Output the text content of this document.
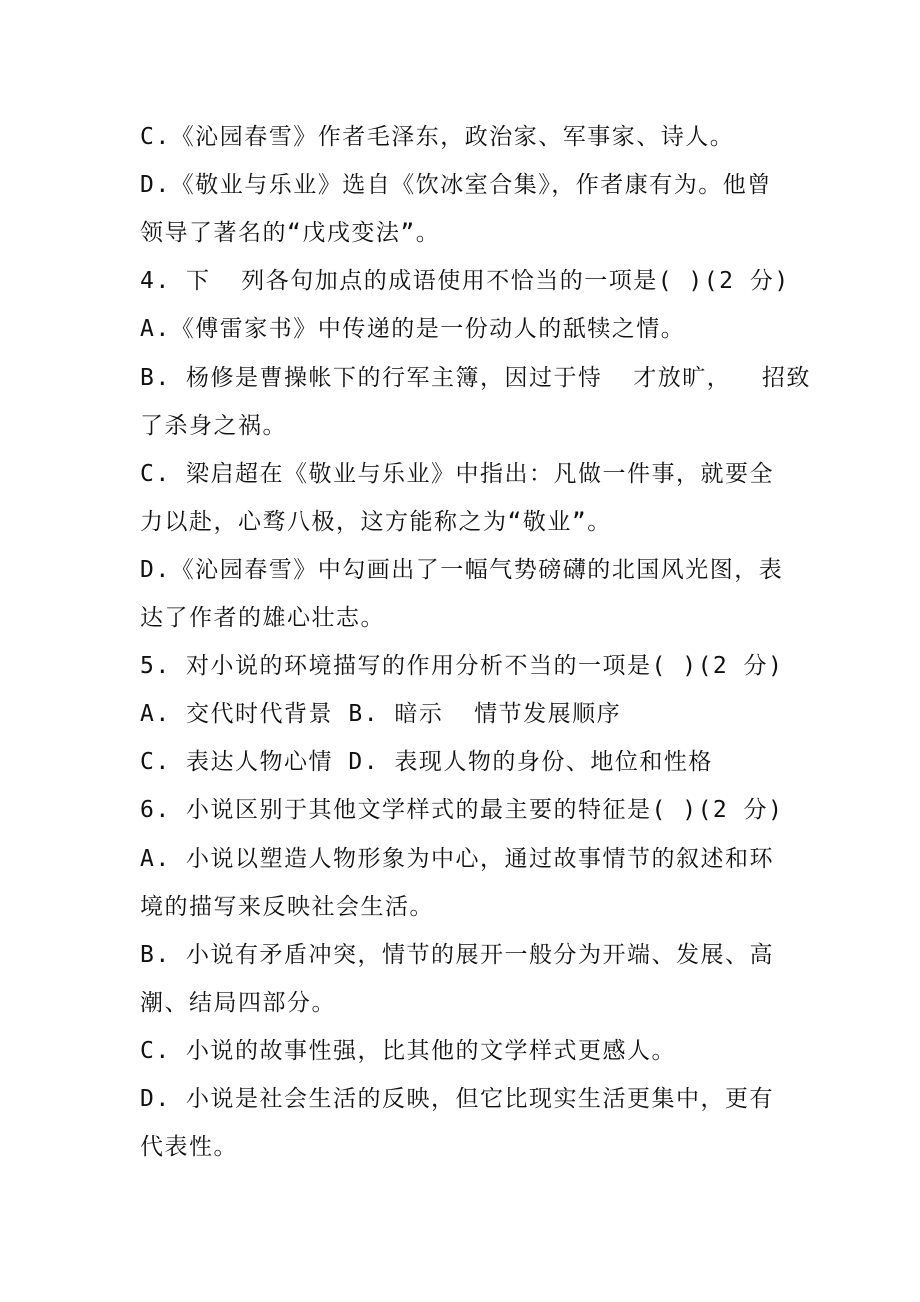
C.《沁园春雪》作者毛泽东，政治家、军事家、诗人。
D.《敬业与乐业》选自《饮冰室合集》，作者康有为。他曾
领导了著名的“戊戌变法”。
4. 下  列各句加点的成语使用不恰当的一项是( )(2 分)
A.《傅雷家书》中传递的是一份动人的舐犊之情。
B. 杨修是曹操帐下的行军主簿，因过于恃  才放旷，  招致
了杀身之祸。
C. 梁启超在《敬业与乐业》中指出：凡做一件事，就要全
力以赴，心骛八极，这方能称之为“敬业”。
D.《沁园春雪》中勾画出了一幅气势磅礴的北国风光图，表
达了作者的雄心壮志。
5. 对小说的环境描写的作用分析不当的一项是( )(2 分)
A. 交代时代背景 B. 暗示  情节发展顺序
C. 表达人物心情 D. 表现人物的身份、地位和性格
6. 小说区别于其他文学样式的最主要的特征是( )(2 分)
A. 小说以塑造人物形象为中心，通过故事情节的叙述和环
境的描写来反映社会生活。
B. 小说有矛盾冲突，情节的展开一般分为开端、发展、高
潮、结局四部分。
C. 小说的故事性强，比其他的文学样式更感人。
D. 小说是社会生活的反映，但它比现实生活更集中，更有
代表性。
